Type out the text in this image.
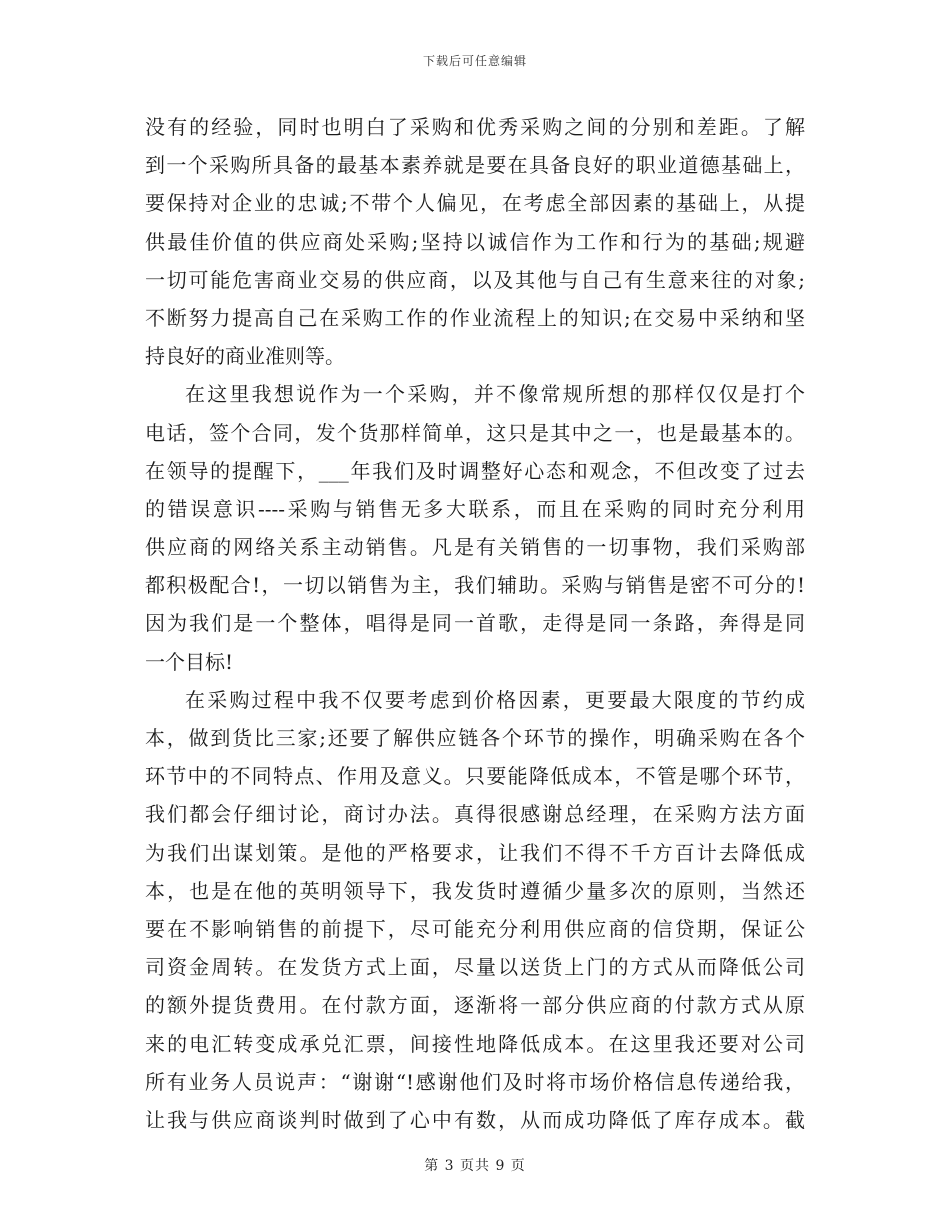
下载后可任意编辑
没有的经验，同时也明白了采购和优秀采购之间的分别和差距。了解
到一个采购所具备的最基本素养就是要在具备良好的职业道德基础上，
要保持对企业的忠诚;不带个人偏见，在考虑全部因素的基础上，从提
供最佳价值的供应商处采购;坚持以诚信作为工作和行为的基础;规避
一切可能危害商业交易的供应商，以及其他与自己有生意来往的对象;
不断努力提高自己在采购工作的作业流程上的知识;在交易中采纳和坚
持良好的商业准则等。
在这里我想说作为一个采购，并不像常规所想的那样仅仅是打个
电话，签个合同，发个货那样简单，这只是其中之一，也是最基本的。
在领导的提醒下，___年我们及时调整好心态和观念，不但改变了过去
的错误意识----采购与销售无多大联系，而且在采购的同时充分利用
供应商的网络关系主动销售。凡是有关销售的一切事物，我们采购部
都积极配合!，一切以销售为主，我们辅助。采购与销售是密不可分的!
因为我们是一个整体，唱得是同一首歌，走得是同一条路，奔得是同
一个目标!
在采购过程中我不仅要考虑到价格因素，更要最大限度的节约成
本，做到货比三家;还要了解供应链各个环节的操作，明确采购在各个
环节中的不同特点、作用及意义。只要能降低成本，不管是哪个环节，
我们都会仔细讨论，商讨办法。真得很感谢总经理，在采购方法方面
为我们出谋划策。是他的严格要求，让我们不得不千方百计去降低成
本，也是在他的英明领导下，我发货时遵循少量多次的原则，当然还
要在不影响销售的前提下，尽可能充分利用供应商的信贷期，保证公
司资金周转。在发货方式上面，尽量以送货上门的方式从而降低公司
的额外提货费用。在付款方面，逐渐将一部分供应商的付款方式从原
来的电汇转变成承兑汇票，间接性地降低成本。在这里我还要对公司
所有业务人员说声：“谢谢“!感谢他们及时将市场价格信息传递给我，
让我与供应商谈判时做到了心中有数，从而成功降低了库存成本。截
第 3 页共 9 页
